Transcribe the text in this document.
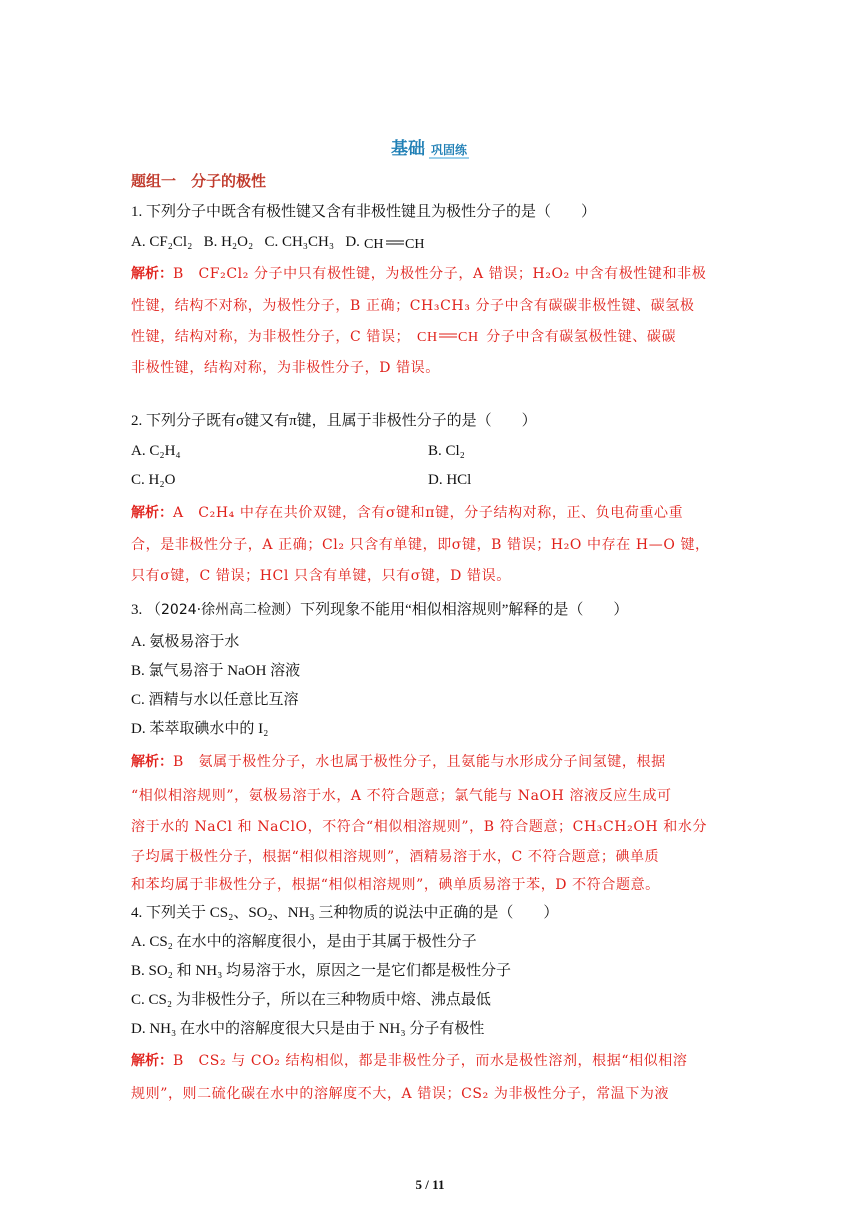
基础 巩固练
题组一　分子的极性
1. 下列分子中既含有极性键又含有非极性键且为极性分子的是（　　）
A. CF₂Cl₂ B. H₂O₂ C. CH₃CH₃ D. CH CH
解析：B　CF₂Cl₂ 分子中只有极性键，为极性分子，A 错误；H₂O₂ 中含有极性键和非极
性键，结构不对称，为极性分子，B 正确；CH₃CH₃ 分子中含有碳碳非极性键、碳氢极
性键，结构对称，为非极性分子，C 错误； CH CH 分子中含有碳氢极性键、碳碳
非极性键，结构对称，为非极性分子，D 错误。
2. 下列分子既有σ键又有π键，且属于非极性分子的是（　　）
A. C₂H₄	B. Cl₂
C. H₂O	D. HCl
解析：A　C₂H₄ 中存在共价双键，含有σ键和π键，分子结构对称，正、负电荷重心重
合，是非极性分子，A 正确；Cl₂ 只含有单键，即σ键，B 错误；H₂O 中存在 H—O 键，
只有σ键，C 错误；HCl 只含有单键，只有σ键，D 错误。
3. （2024·徐州高二检测）下列现象不能用“相似相溶规则”解释的是（　　）
A. 氨极易溶于水
B. 氯气易溶于 NaOH 溶液
C. 酒精与水以任意比互溶
D. 苯萃取碘水中的 I₂
解析：B　氨属于极性分子，水也属于极性分子，且氨能与水形成分子间氢键，根据
“相似相溶规则”，氨极易溶于水，A 不符合题意；氯气能与 NaOH 溶液反应生成可
溶于水的 NaCl 和 NaClO，不符合“相似相溶规则”，B 符合题意；CH₃CH₂OH 和水分
子均属于极性分子，根据“相似相溶规则”，酒精易溶于水，C 不符合题意；碘单质
和苯均属于非极性分子，根据“相似相溶规则”，碘单质易溶于苯，D 不符合题意。
4. 下列关于 CS₂、SO₂、NH₃ 三种物质的说法中正确的是（　　）
A. CS₂ 在水中的溶解度很小，是由于其属于极性分子
B. SO₂ 和 NH₃ 均易溶于水，原因之一是它们都是极性分子
C. CS₂ 为非极性分子，所以在三种物质中熔、沸点最低
D. NH₃ 在水中的溶解度很大只是由于 NH₃ 分子有极性
解析：B　CS₂ 与 CO₂ 结构相似，都是非极性分子，而水是极性溶剂，根据“相似相溶
规则”，则二硫化碳在水中的溶解度不大，A 错误；CS₂ 为非极性分子，常温下为液
5 / 11
